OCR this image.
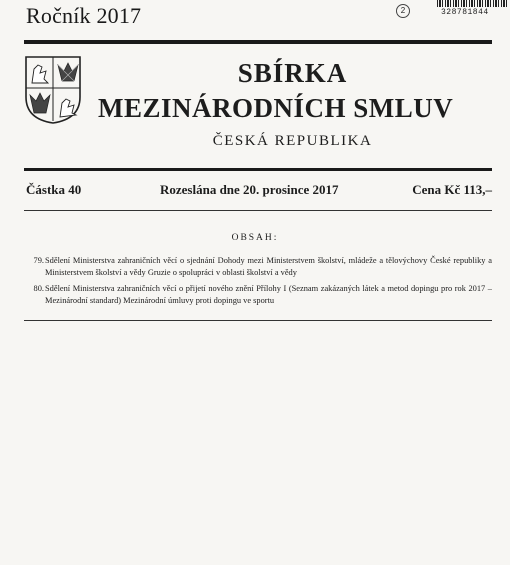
Ročník 2017	2	328781844
SBÍRKA
MEZINÁRODNÍCH SMLUV
ČESKÁ REPUBLIKA
Částka 40	Rozeslána dne 20. prosince 2017	Cena Kč 113,–
OBSAH:
79. Sdělení Ministerstva zahraničních věcí o sjednání Dohody mezi Ministerstvem školství, mládeže a tělovýchovy České republiky a Ministerstvem školství a vědy Gruzie o spolupráci v oblasti školství a vědy
80. Sdělení Ministerstva zahraničních věcí o přijetí nového znění Přílohy I (Seznam zakázaných látek a metod dopingu pro rok 2017 – Mezinárodní standard) Mezinárodní úmluvy proti dopingu ve sportu
